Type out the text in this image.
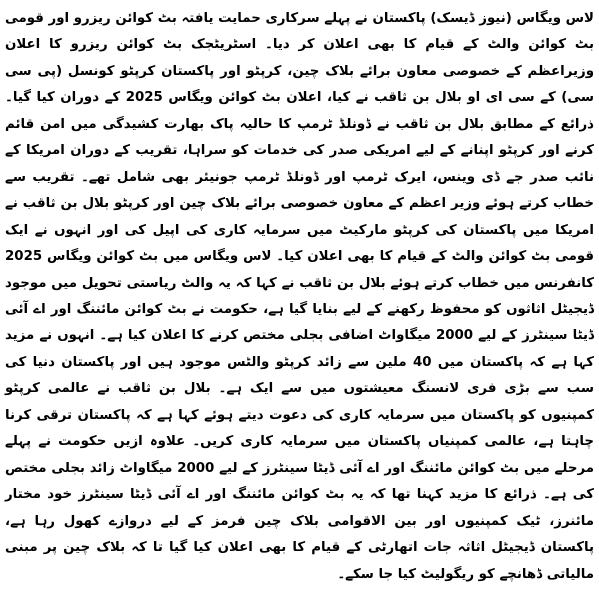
لاس ویگاس (نیوز ڈیسک) پاکستان نے پہلے سرکاری حمایت یافتہ بٹ کوائن ریزرو اور قومی بٹ کوائن والٹ کے قیام کا بھی اعلان کر دیا۔ اسٹریٹجک بٹ کوائن ریزرو کا اعلان وزیراعظم کے خصوصی معاون برائے بلاک چین، کرپٹو اور پاکستان کرپٹو کونسل (پی سی سی) کے سی ای او بلال بن ثاقب نے کیا، اعلان بٹ کوائن ویگاس 2025 کے دوران کیا گیا۔ ذرائع کے مطابق بلال بن ثاقب نے ڈونلڈ ٹرمپ کا حالیہ پاک بھارت کشیدگی میں امن قائم کرنے اور کرپٹو اپنانے کے لیے امریکی صدر کی خدمات کو سراہا، تقریب کے دوران امریکا کے نائب صدر جے ڈی وینس، ایرک ٹرمپ اور ڈونلڈ ٹرمپ جونیئر بھی شامل تھے۔ تقریب سے خطاب کرتے ہوئے وزیر اعظم کے معاون خصوصی برائے بلاک چین اور کرپٹو بلال بن ثاقب نے امریکا میں پاکستان کی کرپٹو مارکیٹ میں سرمایہ کاری کی اپیل کی اور انہوں نے ایک قومی بٹ کوائن والٹ کے قیام کا بھی اعلان کیا۔ لاس ویگاس میں بٹ کوائن ویگاس 2025 کانفرنس میں خطاب کرتے ہوئے بلال بن ثاقب نے کہا کہ یہ والٹ ریاستی تحویل میں موجود ڈیجیٹل اثاثوں کو محفوظ رکھنے کے لیے بنایا گیا ہے، حکومت نے بٹ کوائن مائننگ اور اے آئی ڈیٹا سینٹرز کے لیے 2000 میگاواٹ اضافی بجلی مختص کرنے کا اعلان کیا ہے۔ انہوں نے مزید کہا ہے کہ پاکستان میں 40 ملین سے زائد کرپٹو والٹس موجود ہیں اور پاکستان دنیا کی سب سے بڑی فری لانسنگ معیشتوں میں سے ایک ہے۔ بلال بن ثاقب نے عالمی کرپٹو کمپنیوں کو پاکستان میں سرمایہ کاری کی دعوت دیتے ہوئے کہا ہے کہ پاکستان ترقی کرنا چاہتا ہے، عالمی کمپنیاں پاکستان میں سرمایہ کاری کریں۔ علاوہ ازیں حکومت نے پہلے مرحلے میں بٹ کوائن مائننگ اور اے آئی ڈیٹا سینٹرز کے لیے 2000 میگاواٹ زائد بجلی مختص کی ہے۔ ذرائع کا مزید کہنا تھا کہ یہ بٹ کوائن مائننگ اور اے آئی ڈیٹا سینٹرز خود مختار مائنرز، ٹیک کمپنیوں اور بین الاقوامی بلاک چین فرمز کے لیے دروازے کھول رہا ہے، پاکستان ڈیجیٹل اثاثہ جات اتھارٹی کے قیام کا بھی اعلان کیا گیا تا کہ بلاک چین پر مبنی مالیاتی ڈھانچے کو ریگولیٹ کیا جا سکے۔
